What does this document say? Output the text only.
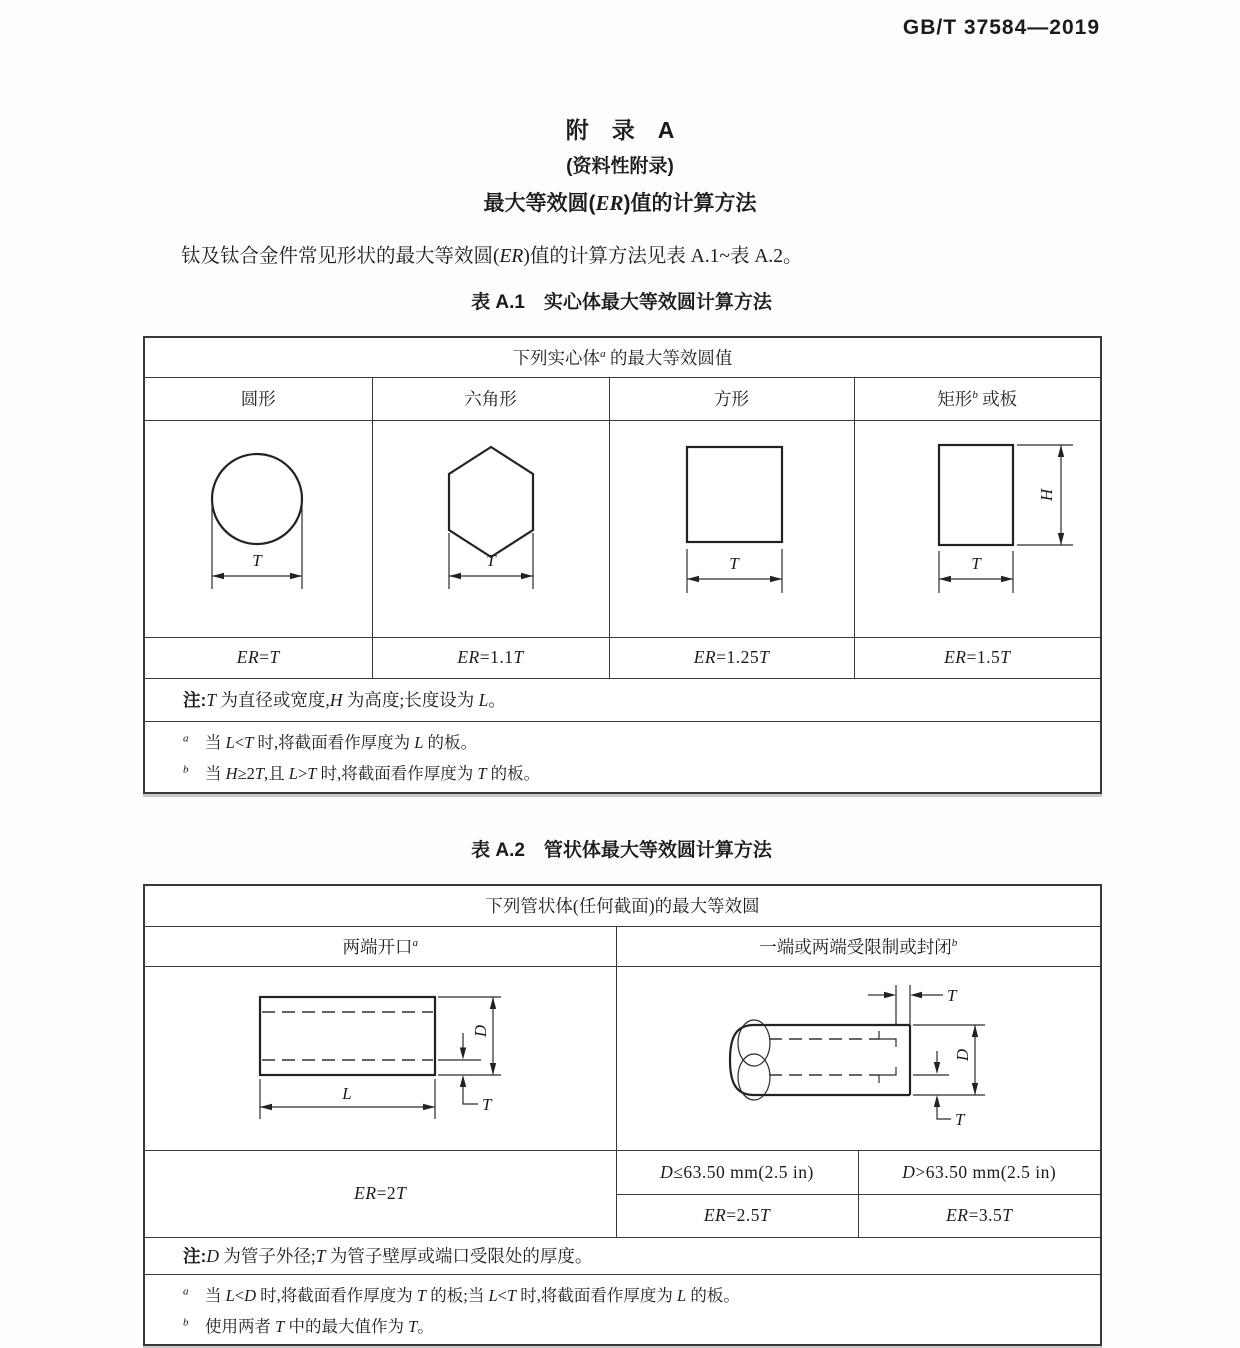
GB/T 37584—2019
附　录　A
(资料性附录)
最大等效圆(ER)值的计算方法
钛及钛合金件常见形状的最大等效圆(ER)值的计算方法见表 A.1~表 A.2。
表 A.1　实心体最大等效圆计算方法
下列实心体$^a$ 的最大等效圆值			
圆形	六角形	方形	矩形$^b$ 或板

T	T	T	T
H

ER=T	ER=1.1T	ER=1.25T	ER=1.5T
注:T 为直径或宽度,H 为高度;长度设为 L。			

$^a$　 当 L<T 时,将截面看作厚度为 L 的板。
$^b$　 当 H≥2T,且 L>T 时,将截面看作厚度为 T 的板。			
表 A.2　管状体最大等效圆计算方法
下列管状体(任何截面)的最大等效圆		
两端开口$^a$	一端或两端受限制或封闭$^b$

L
D
T	T
D
T	

ER=2T	D≤63.50 mm(2.5 in)	D>63.50 mm(2.5 in)
	ER=2.5T	ER=3.5T
注:D 为管子外径;T 为管子壁厚或端口受限处的厚度。		

$^a$　 当 L<D 时,将截面看作厚度为 T 的板;当 L<T 时,将截面看作厚度为 L 的板。
$^b$　 使用两者 T 中的最大值作为 T。		
